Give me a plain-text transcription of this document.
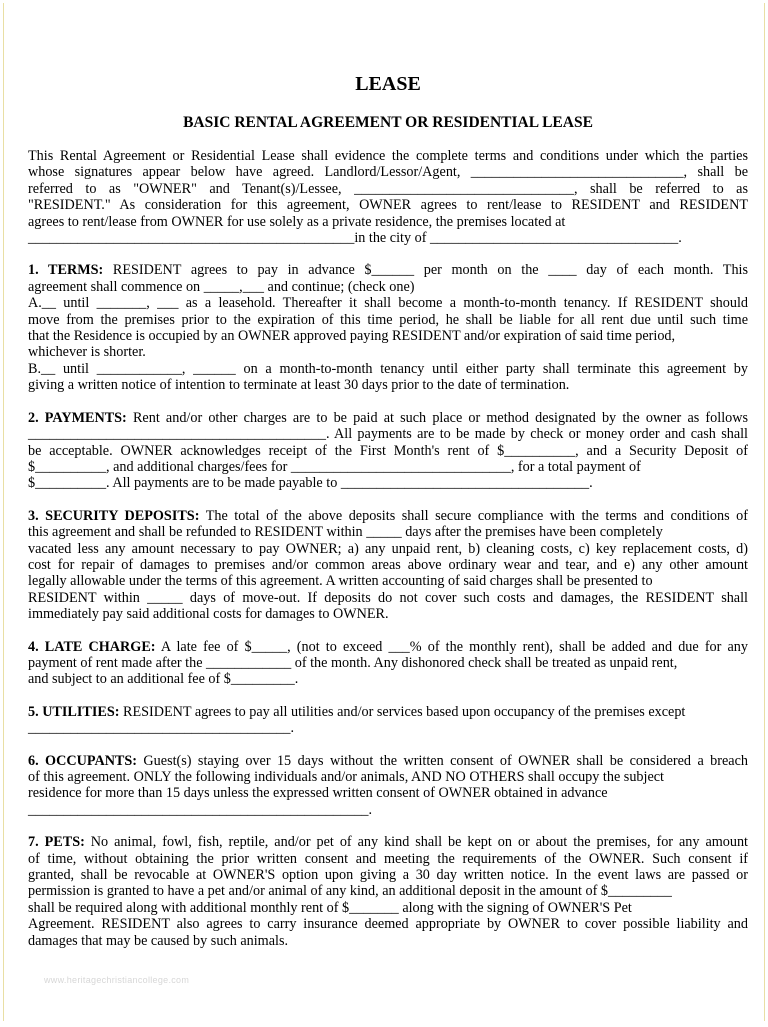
LEASE
BASIC RENTAL AGREEMENT OR RESIDENTIAL LEASE

This Rental Agreement or Residential Lease shall evidence the complete terms and conditions under which the parties
whose signatures appear below have agreed. Landlord/Lessor/Agent, ______________________________, shall be
referred to as "OWNER" and Tenant(s)/Lessee, _______________________________, shall be referred to as
"RESIDENT." As consideration for this agreement, OWNER agrees to rent/lease to RESIDENT and RESIDENT
agrees to rent/lease from OWNER for use solely as a private residence, the premises located at
______________________________________________in the city of ___________________________________.

1. TERMS: RESIDENT agrees to pay in advance $______ per month on the ____ day of each month. This
agreement shall commence on _____,___ and continue; (check one)
A.__ until _______, ___ as a leasehold. Thereafter it shall become a month-to-month tenancy. If RESIDENT should
move from the premises prior to the expiration of this time period, he shall be liable for all rent due until such time
that the Residence is occupied by an OWNER approved paying RESIDENT and/or expiration of said time period,
whichever is shorter.
B.__ until ____________, ______ on a month-to-month tenancy until either party shall terminate this agreement by
giving a written notice of intention to terminate at least 30 days prior to the date of termination.

2. PAYMENTS: Rent and/or other charges are to be paid at such place or method designated by the owner as follows
__________________________________________. All payments are to be made by check or money order and cash shall
be acceptable. OWNER acknowledges receipt of the First Month's rent of $__________, and a Security Deposit of
$__________, and additional charges/fees for _______________________________, for a total payment of
$__________. All payments are to be made payable to ___________________________________.

3. SECURITY DEPOSITS: The total of the above deposits shall secure compliance with the terms and conditions of
this agreement and shall be refunded to RESIDENT within _____ days after the premises have been completely
vacated less any amount necessary to pay OWNER; a) any unpaid rent, b) cleaning costs, c) key replacement costs, d)
cost for repair of damages to premises and/or common areas above ordinary wear and tear, and e) any other amount
legally allowable under the terms of this agreement. A written accounting of said charges shall be presented to
RESIDENT within _____ days of move-out. If deposits do not cover such costs and damages, the RESIDENT shall
immediately pay said additional costs for damages to OWNER.

4. LATE CHARGE: A late fee of $_____, (not to exceed ___% of the monthly rent), shall be added and due for any
payment of rent made after the ____________ of the month. Any dishonored check shall be treated as unpaid rent,
and subject to an additional fee of $_________.

5. UTILITIES: RESIDENT agrees to pay all utilities and/or services based upon occupancy of the premises except
_____________________________________.

6. OCCUPANTS: Guest(s) staying over 15 days without the written consent of OWNER shall be considered a breach
of this agreement. ONLY the following individuals and/or animals, AND NO OTHERS shall occupy the subject
residence for more than 15 days unless the expressed written consent of OWNER obtained in advance
________________________________________________.

7. PETS: No animal, fowl, fish, reptile, and/or pet of any kind shall be kept on or about the premises, for any amount
of time, without obtaining the prior written consent and meeting the requirements of the OWNER. Such consent if
granted, shall be revocable at OWNER'S option upon giving a 30 day written notice. In the event laws are passed or
permission is granted to have a pet and/or animal of any kind, an additional deposit in the amount of $_________
shall be required along with additional monthly rent of $_______ along with the signing of OWNER'S Pet
Agreement. RESIDENT also agrees to carry insurance deemed appropriate by OWNER to cover possible liability and
damages that may be caused by such animals.

www.heritagechristiancollege.com
